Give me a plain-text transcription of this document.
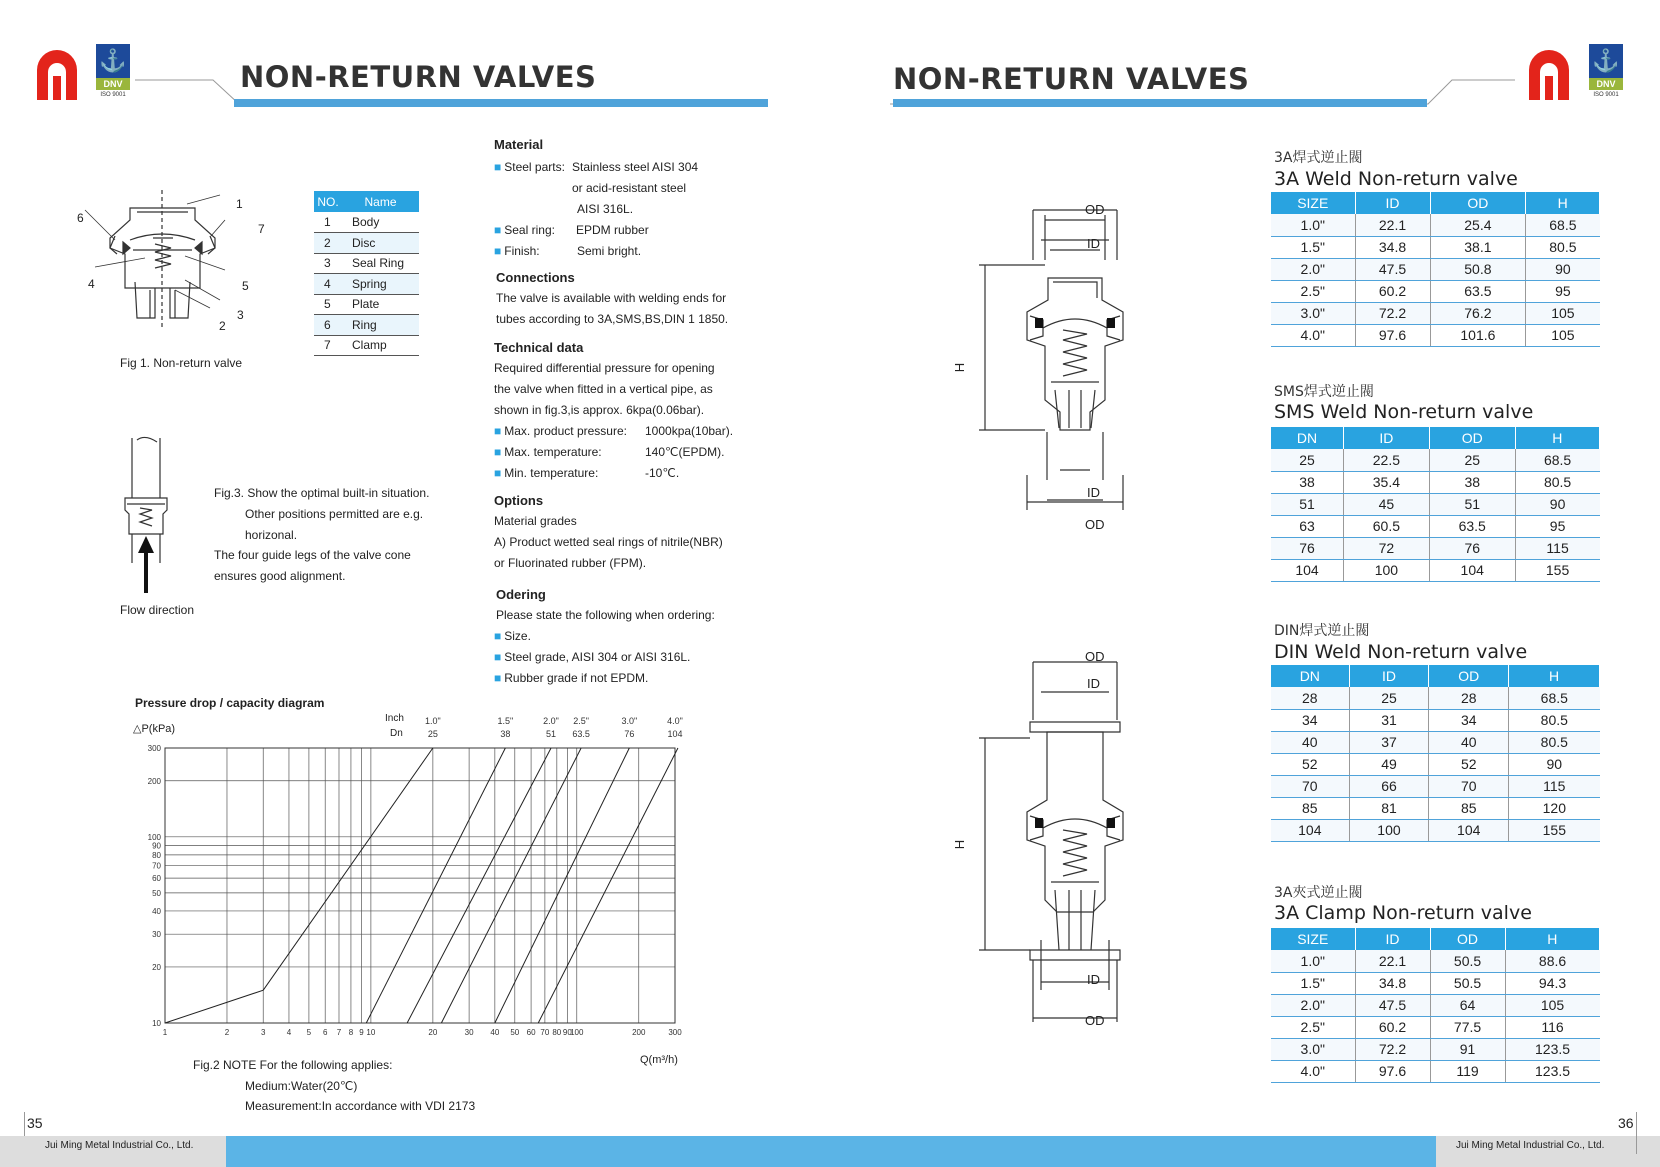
⚓
DNV
ISO 9001
NON-RETURN VALVES	NON-RETURN VALVES
⚓
DNV
ISO 9001
1
6
7
4	5
3
2
Fig 1. Non-return valve
NO.	Name
1	Body
2	Disc
3	Seal Ring
4	Spring
5	Plate
6	Ring
7	Clamp
Fig.3. Show the optimal built-in situation.
Other positions permitted are e.g.
horizonal.
The four guide legs of the valve cone
ensures good alignment.
Flow direction
Material
■ Steel parts: Stainless steel AISI 304
or acid-resistant steel
AISI 316L.
■ Seal ring: EPDM rubber
■ Finish:	Semi bright.
Connections
The valve is available with welding ends for
tubes according to 3A,SMS,BS,DIN 1 1850.
Technical data
Required differential pressure for opening
the valve when fitted in a vertical pipe, as
shown in fig.3,is approx. 6kpa(0.06bar).
■ Max. product pressure: 1000kpa(10bar).
■ Max. temperature:	140℃(EPDM).
■ Min. temperature:	-10℃.
Options
Material grades
A) Product wetted seal rings of nitrile(NBR)
or Fluorinated rubber (FPM).
Odering
Please state the following when ordering:
■ Size.
■ Steel grade, AISI 304 or AISI 316L.
■ Rubber grade if not EPDM.
Pressure drop / capacity diagram
△P(kPa)
Inch
Dn
1	2	3	4 5 6 7 8 9 10	20	30 40 50 60 70 80 90
100	200	300
10
20
30
40
50
60
70
80
90
100
200
300
1.0"
25
1.5"
38
2.0"
51
2.5"
63.5
3.0"
76
4.0"
104
Q(m³/h)
Fig.2 NOTE For the following applies:
Medium:Water(20℃)
Measurement:In accordance with VDI 2173
OD
ID
H
ID
OD
OD
ID
H
ID
OD
3A焊式逆止閥
3A Weld Non-return valve
SIZE	ID	OD	H
1.0"	22.1	25.4	68.5
1.5"	34.8	38.1	80.5
2.0"	47.5	50.8	90
2.5"	60.2	63.5	95
3.0"	72.2	76.2	105
4.0"	97.6	101.6	105
SMS焊式逆止閥
SMS Weld Non-return valve
DN	ID	OD	H
25	22.5	25	68.5
38	35.4	38	80.5
51	45	51	90
63	60.5	63.5	95
76	72	76	115
104	100	104	155
DIN焊式逆止閥
DIN Weld Non-return valve
DN	ID	OD	H
28	25	28	68.5
34	31	34	80.5
40	37	40	80.5
52	49	52	90
70	66	70	115
85	81	85	120
104	100	104	155
3A夾式逆止閥
3A Clamp Non-return valve
SIZE	ID	OD	H
1.0"	22.1	50.5	88.6
1.5"	34.8	50.5	94.3
2.0"	47.5	64	105
2.5"	60.2	77.5	116
3.0"	72.2	91	123.5
4.0"	97.6	119	123.5
35
Jui Ming Metal Industrial Co., Ltd.	Jui Ming Metal Industrial Co., Ltd.
36
